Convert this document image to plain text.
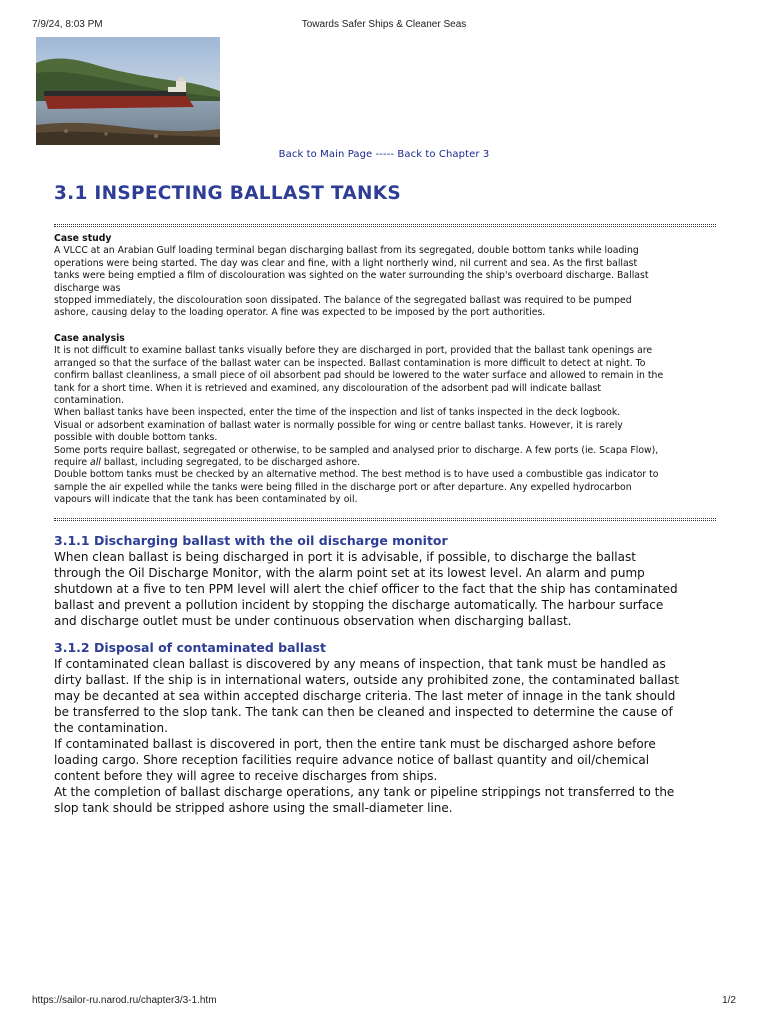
7/9/24, 8:03 PM	Towards Safer Ships & Cleaner Seas
Back to Main Page ----- Back to Chapter 3
3.1 INSPECTING BALLAST TANKS
Case study
A VLCC at an Arabian Gulf loading terminal began discharging ballast from its segregated, double bottom tanks while loading
operations were being started. The day was clear and fine, with a light northerly wind, nil current and sea. As the first ballast
tanks were being emptied a film of discolouration was sighted on the water surrounding the ship's overboard discharge. Ballast
discharge was
stopped immediately, the discolouration soon dissipated. The balance of the segregated ballast was required to be pumped
ashore, causing delay to the loading operator. A fine was expected to be imposed by the port authorities.
Case analysis
It is not difficult to examine ballast tanks visually before they are discharged in port, provided that the ballast tank openings are
arranged so that the surface of the ballast water can be inspected. Ballast contamination is more difficult to detect at night. To
confirm ballast cleanliness, a small piece of oil absorbent pad should be lowered to the water surface and allowed to remain in the
tank for a short time. When it is retrieved and examined, any discolouration of the adsorbent pad will indicate ballast
contamination.
When ballast tanks have been inspected, enter the time of the inspection and list of tanks inspected in the deck logbook.
Visual or adsorbent examination of ballast water is normally possible for wing or centre ballast tanks. However, it is rarely
possible with double bottom tanks.
Some ports require ballast, segregated or otherwise, to be sampled and analysed prior to discharge. A few ports (ie. Scapa Flow),
require all ballast, including segregated, to be discharged ashore.
Double bottom tanks must be checked by an alternative method. The best method is to have used a combustible gas indicator to
sample the air expelled while the tanks were being filled in the discharge port or after departure. Any expelled hydrocarbon
vapours will indicate that the tank has been contaminated by oil.
3.1.1 Discharging ballast with the oil discharge monitor
When clean ballast is being discharged in port it is advisable, if possible, to discharge the ballast
through the Oil Discharge Monitor, with the alarm point set at its lowest level. An alarm and pump
shutdown at a five to ten PPM level will alert the chief officer to the fact that the ship has contaminated
ballast and prevent a pollution incident by stopping the discharge automatically. The harbour surface
and discharge outlet must be under continuous observation when discharging ballast.
3.1.2 Disposal of contaminated ballast
If contaminated clean ballast is discovered by any means of inspection, that tank must be handled as
dirty ballast. If the ship is in international waters, outside any prohibited zone, the contaminated ballast
may be decanted at sea within accepted discharge criteria. The last meter of innage in the tank should
be transferred to the slop tank. The tank can then be cleaned and inspected to determine the cause of
the contamination.
If contaminated ballast is discovered in port, then the entire tank must be discharged ashore before
loading cargo. Shore reception facilities require advance notice of ballast quantity and oil/chemical
content before they will agree to receive discharges from ships.
At the completion of ballast discharge operations, any tank or pipeline strippings not transferred to the
slop tank should be stripped ashore using the small-diameter line.
https://sailor-ru.narod.ru/chapter3/3-1.htm	1/2
